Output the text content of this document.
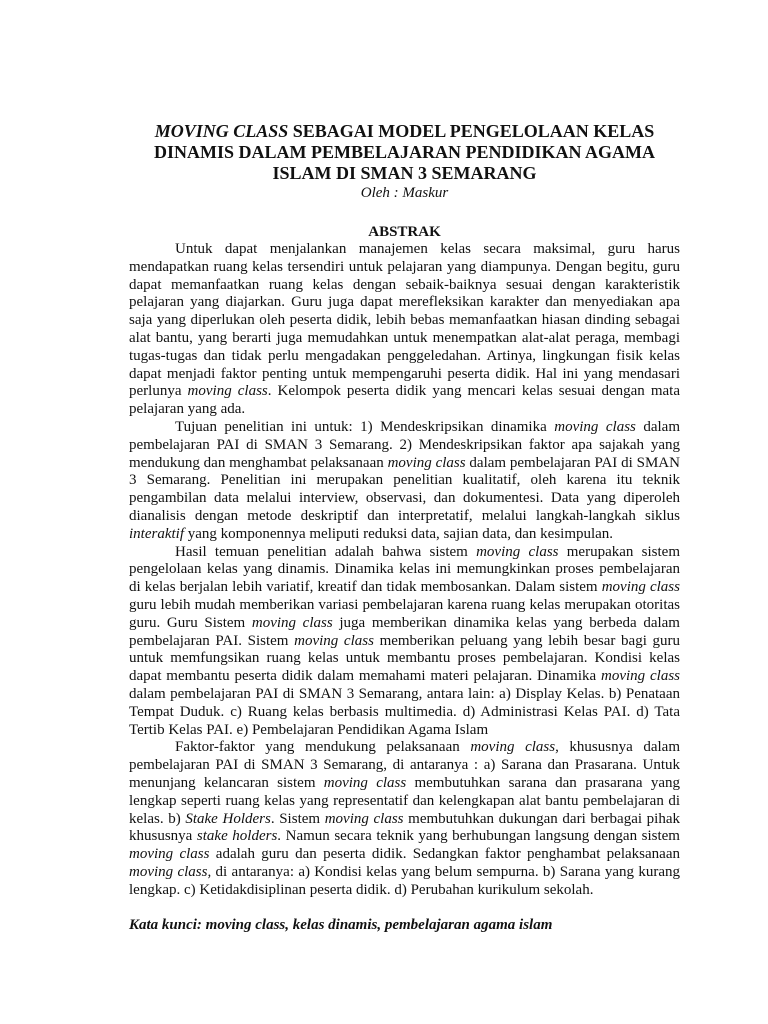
MOVING CLASS SEBAGAI MODEL PENGELOLAAN KELAS
DINAMIS DALAM PEMBELAJARAN PENDIDIKAN AGAMA
ISLAM DI SMAN 3 SEMARANG

Oleh : Maskur

ABSTRAK

Untuk dapat menjalankan manajemen kelas secara maksimal, guru harus mendapatkan ruang kelas tersendiri untuk pelajaran yang diampunya. Dengan begitu, guru dapat memanfaatkan ruang kelas dengan sebaik-baiknya sesuai dengan karakteristik pelajaran yang diajarkan. Guru juga dapat merefleksikan karakter dan menyediakan apa saja yang diperlukan oleh peserta didik, lebih bebas memanfaatkan hiasan dinding sebagai alat bantu, yang berarti juga memudahkan untuk menempatkan alat-alat peraga, membagi tugas-tugas dan tidak perlu mengadakan penggeledahan. Artinya, lingkungan fisik kelas dapat menjadi faktor penting untuk mempengaruhi peserta didik. Hal ini yang mendasari perlunya moving class. Kelompok peserta didik yang mencari kelas sesuai dengan mata pelajaran yang ada.

Tujuan penelitian ini untuk: 1) Mendeskripsikan dinamika moving class dalam pembelajaran PAI di SMAN 3 Semarang. 2) Mendeskripsikan faktor apa sajakah yang mendukung dan menghambat pelaksanaan moving class dalam pembelajaran PAI di SMAN 3 Semarang. Penelitian ini merupakan penelitian kualitatif, oleh karena itu teknik pengambilan data melalui interview, observasi, dan dokumentesi. Data yang diperoleh dianalisis dengan metode deskriptif dan interpretatif, melalui langkah-langkah siklus interaktif yang komponennya meliputi reduksi data, sajian data, dan kesimpulan.

Hasil temuan penelitian adalah bahwa sistem moving class merupakan sistem pengelolaan kelas yang dinamis. Dinamika kelas ini memungkinkan proses pembelajaran di kelas berjalan lebih variatif, kreatif dan tidak membosankan. Dalam sistem moving class guru lebih mudah memberikan variasi pembelajaran karena ruang kelas merupakan otoritas guru. Guru Sistem moving class juga memberikan dinamika kelas yang berbeda dalam pembelajaran PAI. Sistem moving class memberikan peluang yang lebih besar bagi guru untuk memfungsikan ruang kelas untuk membantu proses pembelajaran. Kondisi kelas dapat membantu peserta didik dalam memahami materi pelajaran. Dinamika moving class dalam pembelajaran PAI di SMAN 3 Semarang, antara lain: a) Display Kelas. b) Penataan Tempat Duduk. c) Ruang kelas berbasis multimedia. d) Administrasi Kelas PAI. d) Tata Tertib Kelas PAI. e) Pembelajaran Pendidikan Agama Islam

Faktor-faktor yang mendukung pelaksanaan moving class, khususnya dalam pembelajaran PAI di SMAN 3 Semarang, di antaranya : a) Sarana dan Prasarana. Untuk menunjang kelancaran sistem moving class membutuhkan sarana dan prasarana yang lengkap seperti ruang kelas yang representatif dan kelengkapan alat bantu pembelajaran di kelas. b) Stake Holders. Sistem moving class membutuhkan dukungan dari berbagai pihak khususnya stake holders. Namun secara teknik yang berhubungan langsung dengan sistem moving class adalah guru dan peserta didik. Sedangkan faktor penghambat pelaksanaan moving class, di antaranya: a) Kondisi kelas yang belum sempurna. b) Sarana yang kurang lengkap. c) Ketidakdisiplinan peserta didik. d) Perubahan kurikulum sekolah.

Kata kunci: moving class, kelas dinamis, pembelajaran agama islam
